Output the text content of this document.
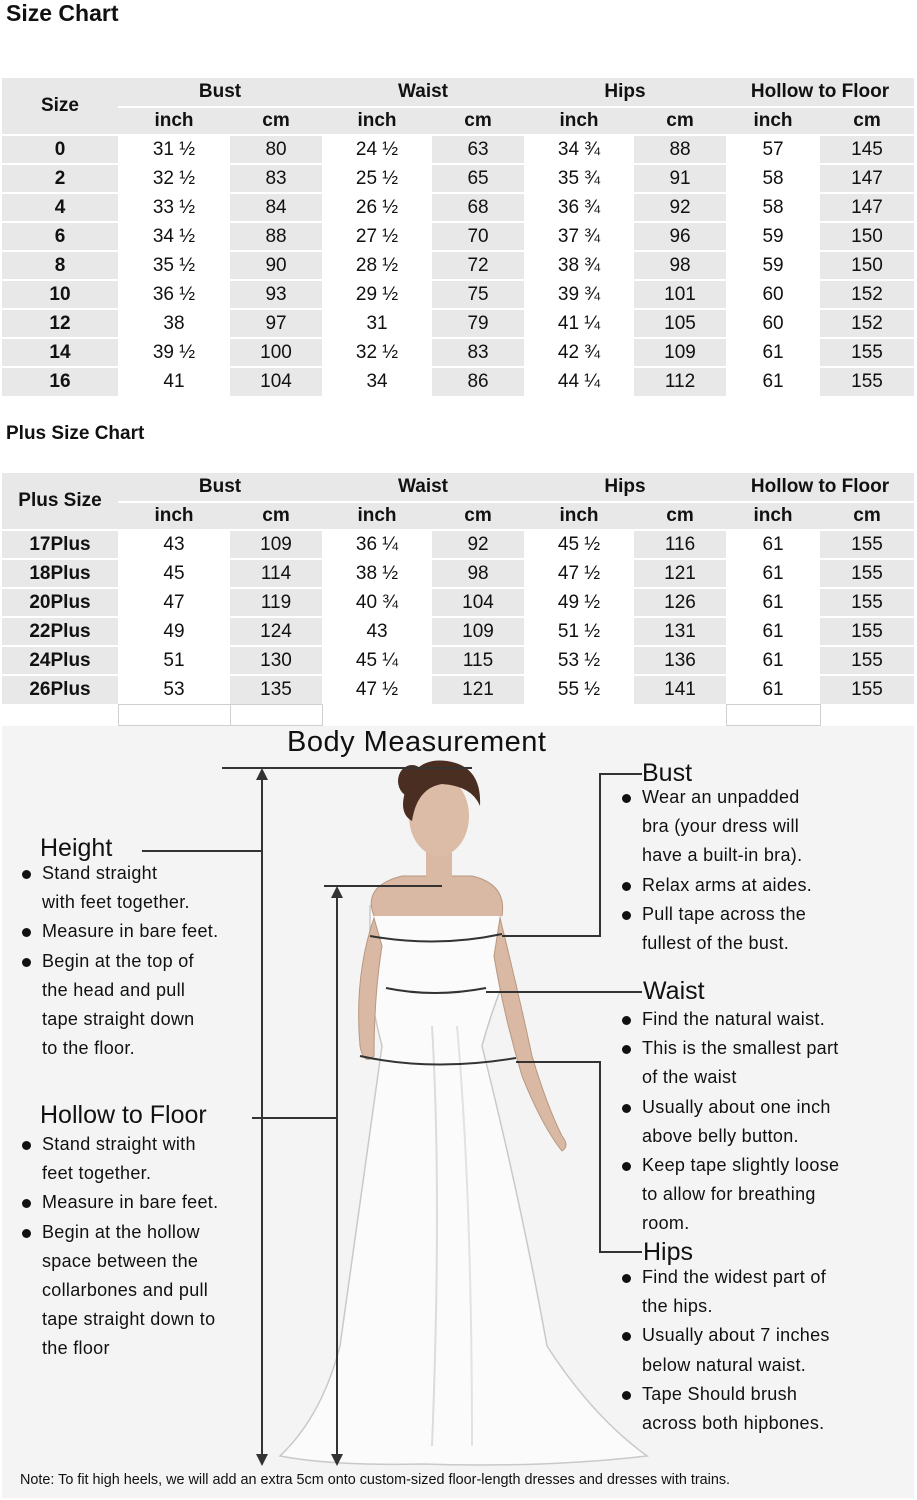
Size Chart
Size	Bust		Waist		Hips		Hollow to Floor	
	inch	cm	inch	cm	inch	cm	inch	cm
0	31 ½	80	24 ½	63	34 ¾	88	57	145
2	32 ½	83	25 ½	65	35 ¾	91	58	147
4	33 ½	84	26 ½	68	36 ¾	92	58	147
6	34 ½	88	27 ½	70	37 ¾	96	59	150
8	35 ½	90	28 ½	72	38 ¾	98	59	150
10	36 ½	93	29 ½	75	39 ¾	101	60	152
12	38	97	31	79	41 ¼	105	60	152
14	39 ½	100	32 ½	83	42 ¾	109	61	155
16	41	104	34	86	44 ¼	112	61	155
Plus Size Chart
Plus Size	Bust		Waist		Hips		Hollow to Floor	
	inch	cm	inch	cm	inch	cm	inch	cm
17Plus	43	109	36 ¼	92	45 ½	116	61	155
18Plus	45	114	38 ½	98	47 ½	121	61	155
20Plus	47	119	40 ¾	104	49 ½	126	61	155
22Plus	49	124	43	109	51 ½	131	61	155
24Plus	51	130	45 ¼	115	53 ½	136	61	155
26Plus	53	135	47 ½	121	55 ½	141	61	155

Body Measurement
Height
Stand straight
with feet together.
Measure in bare feet.
Begin at the top of
the head and pull
tape straight down
to the floor.
Hollow to Floor
Stand straight with
feet together.
Measure in bare feet.
Begin at the hollow
space between the
collarbones and pull
tape straight down to
the floor
Bust
Wear an unpadded
bra (your dress will
have a built-in bra).
Relax arms at aides.
Pull tape across the
fullest of the bust.
Waist
Find the natural waist.
This is the smallest part
of the waist
Usually about one inch
above belly button.
Keep tape slightly loose
to allow for breathing
room.
Hips
Find the widest part of
the hips.
Usually about 7 inches
below natural waist.
Tape Should brush
across both hipbones.
Note: To fit high heels, we will add an extra 5cm onto custom-sized floor-length dresses and dresses with trains.
